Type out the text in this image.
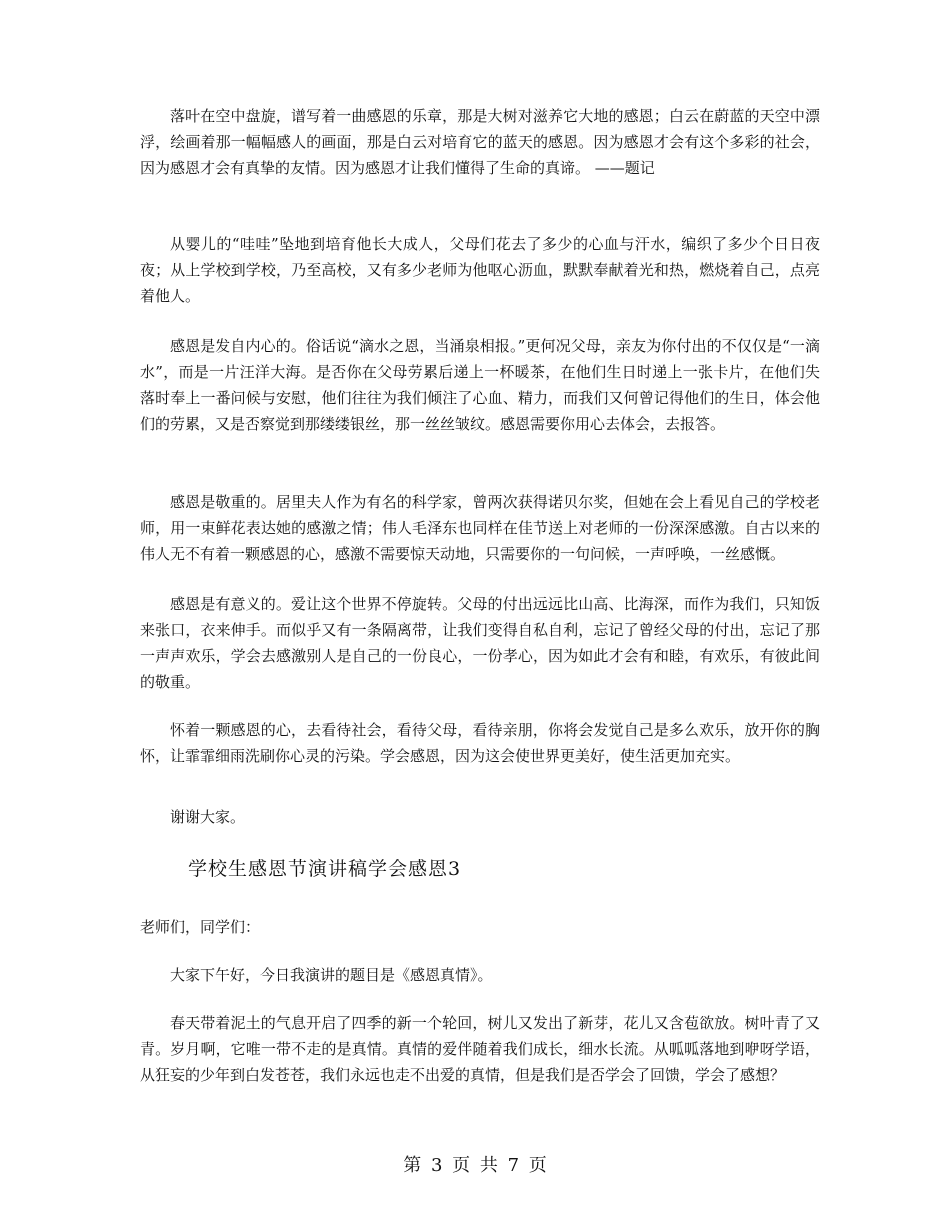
落叶在空中盘旋，谱写着一曲感恩的乐章，那是大树对滋养它大地的感恩；白云在蔚蓝的天空中漂浮，绘画着那一幅幅感人的画面，那是白云对培育它的蓝天的感恩。因为感恩才会有这个多彩的社会，因为感恩才会有真挚的友情。因为感恩才让我们懂得了生命的真谛。 ——题记

从婴儿的“哇哇”坠地到培育他长大成人，父母们花去了多少的心血与汗水，编织了多少个日日夜夜；从上学校到学校，乃至高校，又有多少老师为他呕心沥血，默默奉献着光和热，燃烧着自己，点亮着他人。

感恩是发自内心的。俗话说“滴水之恩，当涌泉相报。”更何况父母，亲友为你付出的不仅仅是“一滴水”，而是一片汪洋大海。是否你在父母劳累后递上一杯暖茶，在他们生日时递上一张卡片，在他们失落时奉上一番问候与安慰，他们往往为我们倾注了心血、精力，而我们又何曾记得他们的生日，体会他们的劳累，又是否察觉到那缕缕银丝，那一丝丝皱纹。感恩需要你用心去体会，去报答。

感恩是敬重的。居里夫人作为有名的科学家，曾两次获得诺贝尔奖，但她在会上看见自己的学校老师，用一束鲜花表达她的感激之情；伟人毛泽东也同样在佳节送上对老师的一份深深感激。自古以来的伟人无不有着一颗感恩的心，感激不需要惊天动地，只需要你的一句问候，一声呼唤，一丝感慨。

感恩是有意义的。爱让这个世界不停旋转。父母的付出远远比山高、比海深，而作为我们，只知饭来张口，衣来伸手。而似乎又有一条隔离带，让我们变得自私自利，忘记了曾经父母的付出，忘记了那一声声欢乐，学会去感激别人是自己的一份良心，一份孝心，因为如此才会有和睦，有欢乐，有彼此间的敬重。

怀着一颗感恩的心，去看待社会，看待父母，看待亲朋，你将会发觉自己是多么欢乐，放开你的胸怀，让霏霏细雨洗刷你心灵的污染。学会感恩，因为这会使世界更美好，使生活更加充实。

谢谢大家。

学校生感恩节演讲稿学会感恩3

老师们，同学们：

大家下午好，今日我演讲的题目是《感恩真情》。

春天带着泥土的气息开启了四季的新一个轮回，树儿又发出了新芽，花儿又含苞欲放。树叶青了又青。岁月啊，它唯一带不走的是真情。真情的爱伴随着我们成长，细水长流。从呱呱落地到咿呀学语，从狂妄的少年到白发苍苍，我们永远也走不出爱的真情，但是我们是否学会了回馈，学会了感想？

第 3 页 共 7 页
